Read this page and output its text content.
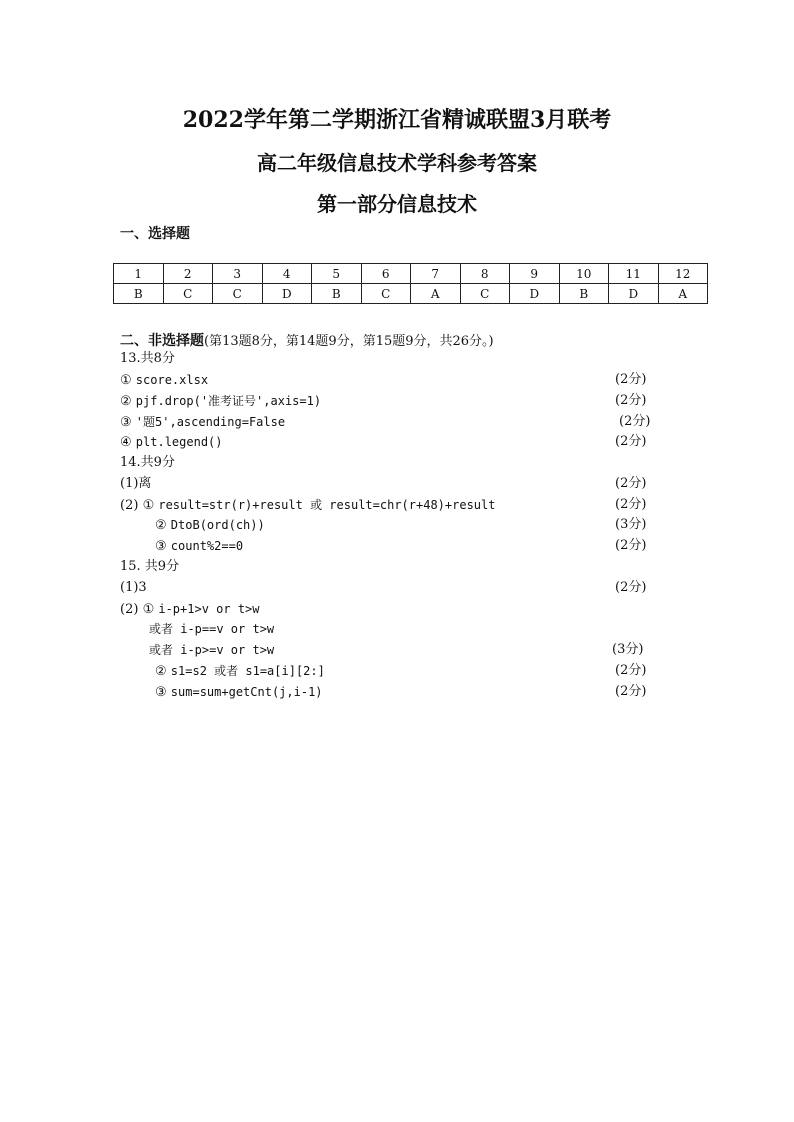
2022学年第二学期浙江省精诚联盟3月联考
高二年级信息技术学科参考答案
第一部分信息技术
一、选择题
1	2	3	4	5	6	7	8	9	10	11	12
B	C	C	D	B	C	A	C	D	B	D	A
二、非选择题(第13题8分，第14题9分，第15题9分，共26分。)
13.共8分
① score.xlsx	(2分)
② pjf.drop('准考证号',axis=1)	(2分)
③ '题5',ascending=False	(2分)
④ plt.legend()	(2分)
14.共9分
(1)离	(2分)
(2) ① result=str(r)+result 或 result=chr(r+48)+result	(2分)
② DtoB(ord(ch))	(3分)
③ count%2==0	(2分)
15. 共9分
(1)3	(2分)
(2) ① i-p+1>v or t>w
或者 i-p==v or t>w
或者 i-p>=v or t>w	(3分)
② s1=s2 或者 s1=a[i][2:]	(2分)
③ sum=sum+getCnt(j,i-1)	(2分)
